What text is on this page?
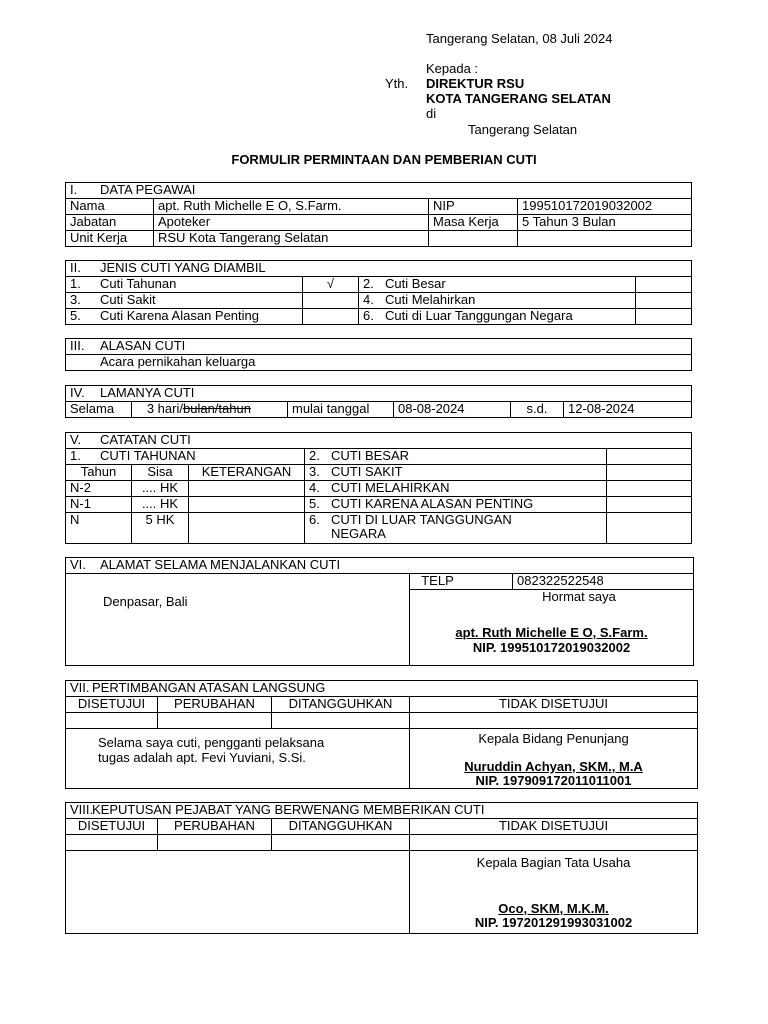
Tangerang Selatan, 08 Juli 2024
Kepada :
Yth. DIREKTUR RSU
KOTA TANGERANG SELATAN
di
Tangerang Selatan
FORMULIR PERMINTAAN DAN PEMBERIAN CUTI
I. DATA PEGAWAI			
Nama	apt. Ruth Michelle E O, S.Farm.	NIP	199510172019032002
Jabatan	Apoteker	Masa Kerja	5 Tahun 3 Bulan
Unit Kerja	RSU Kota Tangerang Selatan		
II. JENIS CUTI YANG DIAMBIL			
1. Cuti Tahunan	√	2. Cuti Besar	
3. Cuti Sakit		4. Cuti Melahirkan	
5. Cuti Karena Alasan Penting		6. Cuti di Luar Tanggungan Negara	
III. ALASAN CUTI
Acara pernikahan keluarga
IV. LAMANYA CUTI
Selama	3 hari/bulan/tahun	mulai tanggal	08-08-2024	s.d.	12-08-2024
V. CATATAN CUTI				
1. CUTI TAHUNAN			2. CUTI BESAR	
Tahun	Sisa	KETERANGAN	3. CUTI SAKIT	
N-2	.... HK		4. CUTI MELAHIRKAN	
N-1	.... HK		5. CUTI KARENA ALASAN PENTING	
N	5 HK		6. CUTI DI LUAR TANGGUNGAN NEGARA	

VI. ALAMAT SELAMA MENJALANKAN CUTI

Denpasar, Bali
	TELP	082322522548

Hormat saya
apt. Ruth Michelle E O, S.Farm.
NIP. 199510172019032002
VII. PERTIMBANGAN ATASAN LANGSUNG			
DISETUJUI	PERUBAHAN	DITANGGUHKAN	TIDAK DISETUJUI

Selama saya cuti, pengganti pelaksana tugas adalah apt. Fevi Yuviani, S.Si.			Kepala Bidang Penunjang
Nuruddin Achyan, SKM., M.A
NIP. 197909172011011001
VIII.KEPUTUSAN PEJABAT YANG BERWENANG MEMBERIKAN CUTI			
DISETUJUI	PERUBAHAN	DITANGGUHKAN	TIDAK DISETUJUI

			Kepala Bagian Tata Usaha
Oco, SKM, M.K.M.
NIP. 197201291993031002
